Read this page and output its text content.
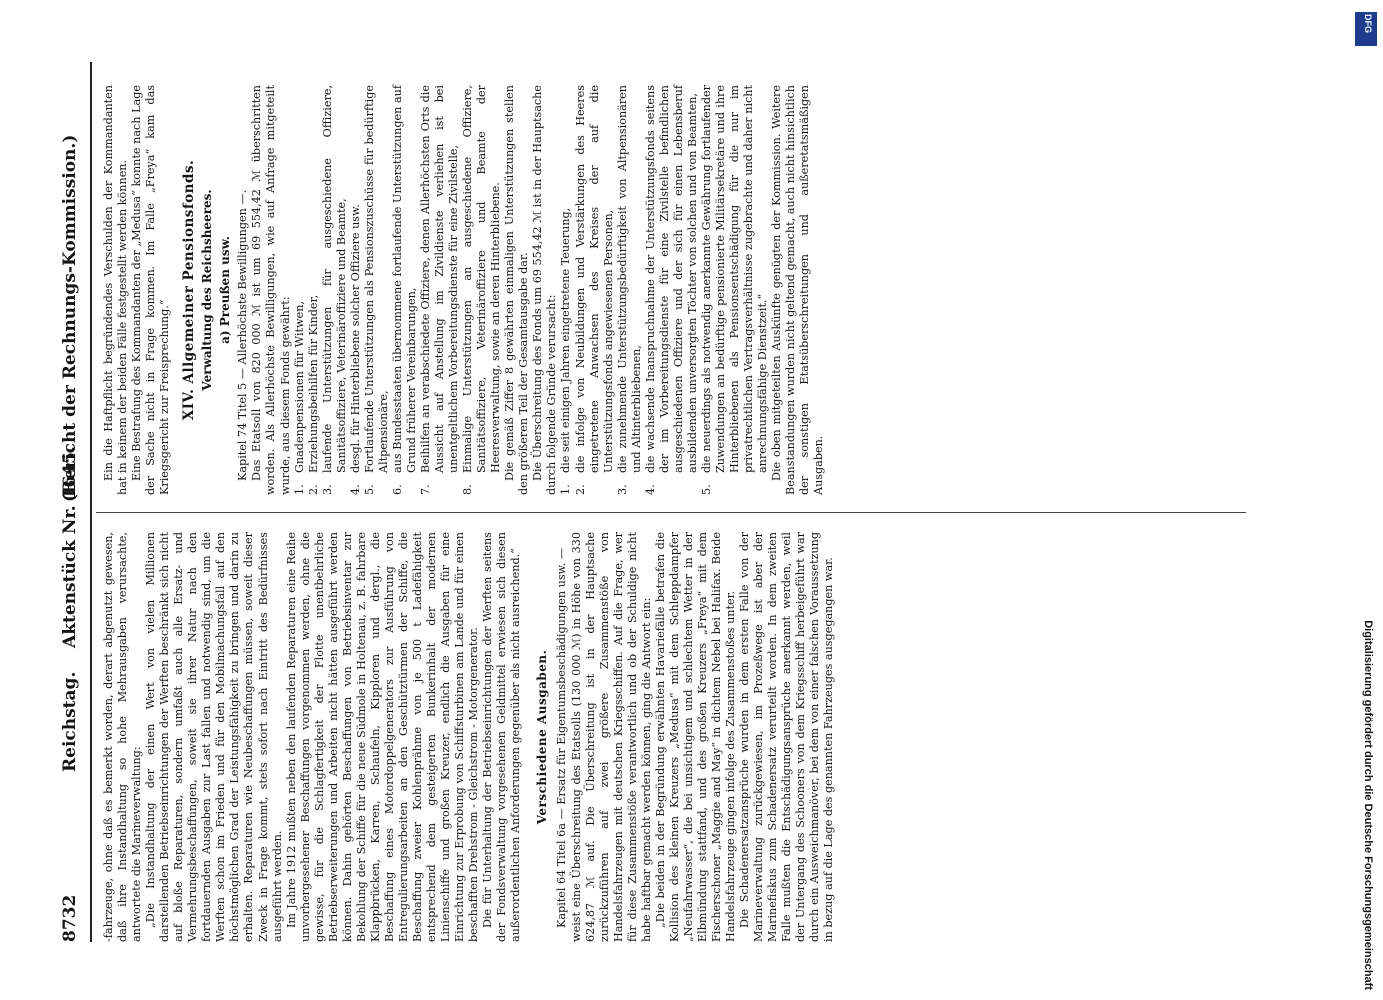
8732
Reichstag.    Aktenstück Nr. 1645.
(Bericht der Rechnungs-Kommission.)

-fahrzeuge, ohne daß es bemerkt worden, derart abgenutzt gewesen, daß ihre Instandhaltung so hohe Mehrausgaben verursachte, antwortete die Marineverwaltung: „Die Instandhaltung der einen Wert von vielen Millionen darstellenden Betriebseinrichtungen der Werften beschränkt sich nicht auf bloße Reparaturen, sondern umfaßt auch alle Ersatz- und Vermehrungsbeschaffungen, soweit sie ihrer Natur nach den fortdauernden Ausgaben zur Last fallen und notwendig sind, um die Werften schon im Frieden und für den Mobilmachungsfall auf den höchstmöglichen Grad der Leistungsfähigkeit zu bringen und darin zu erhalten. Reparaturen wie Neubeschaffungen müssen, soweit dieser Zweck in Frage kommt, stets sofort nach Eintritt des Bedürfnisses ausgeführt werden. Im Jahre 1912 mußten neben den laufenden Reparaturen eine Reihe unvorhergesehener Beschaffungen vorgenommen werden, ohne die gewisse, für die Schlagfertigkeit der Flotte unentbehrliche Betriebserweiterungen und Arbeiten nicht hätten ausgeführt werden können. Dahin gehörten Beschaffungen von Betriebsinventar zur Bekohlung der Schiffe für die neue Südmole in Holtenau, z. B. fahrbare Klappbrücken, Karren, Schaufeln, Kipploren und dergl., die Beschaffung eines Motordoppelgenerators zur Ausführung von Entregulierungsarbeiten an den Geschütztürmen der Schiffe, die Beschaffung zweier Kohlenprähme von je 500 t Ladefähigkeit entsprechend dem gesteigerten Bunkerinhalt der modernen Linienschiffe und großen Kreuzer, endlich die Ausgaben für eine Einrichtung zur Erprobung von Schiffsturbinen am Lande und für einen beschafften Drehstrom - Gleichstrom - Motorgenerator. Die für Unterhaltung der Betriebseinrichtungen der Werften seitens der Fondsverwaltung vorgesehenen Geldmittel erwiesen sich diesen außerordentlichen Anforderungen gegenüber als nicht ausreichend.“ Verschiedene Ausgaben. Kapitel 64 Titel 6a — Ersatz für Eigentumsbeschädigungen usw. — weist eine Überschreitung des Etatsolls (130 000 ℳ) in Höhe von 330 624,87 ℳ auf. Die Überschreitung ist in der Hauptsache zurückzuführen auf zwei größere Zusammenstöße von Handelsfahrzeugen mit deutschen Kriegsschiffen. Auf die Frage, wer für diese Zusammenstöße verantwortlich und ob der Schuldige nicht habe haftbar gemacht werden können, ging die Antwort ein: „Die beiden in der Begründung erwähnten Havariefälle betrafen die Kollision des kleinen Kreuzers „Medusa“ mit dem Schleppdampfer „Neufahrwasser“, die bei unsichtigem und schlechtem Wetter in der Elbmündung stattfand, und des großen Kreuzers „Freya“ mit dem Fischerschoner „Maggie and May“ in dichtem Nebel bei Halifax. Beide Handelsfahrzeuge gingen infolge des Zusammenstoßes unter. Die Schadenersatzansprüche wurden in dem ersten Falle von der Marineverwaltung zurückgewiesen, im Prozeßwege ist aber der Marinefiskus zum Schadenersatz verurteilt worden. In dem zweiten Falle mußten die Entschädigungsansprüche anerkannt werden, weil der Untergang des Schooners von dem Kriegsschiff herbeigeführt war durch ein Ausweichmanöver, bei dem von einer falschen Voraussetzung in bezug auf die Lage des genannten Fahrzeuges ausgegangen war.

Ein die Haftpflicht begründendes Verschulden der Kommandanten hat in keinem der beiden Fälle festgestellt werden können. Eine Bestrafung des Kommandanten der „Medusa“ konnte nach Lage der Sache nicht in Frage kommen. Im Falle „Freya“ kam das Kriegsgericht zur Freisprechung.“ XIV. Allgemeiner Pensionsfonds. Verwaltung des Reichsheeres. a) Preußen usw. Kapitel 74 Titel 5 — Allerhöchste Bewilligungen —. Das Etatsoll von 820 000 ℳ ist um 69 554,42 ℳ überschritten worden. Als Allerhöchste Bewilligungen, wie auf Anfrage mitgeteilt wurde, aus diesem Fonds gewährt: 1.Gnadenpensionen für Witwen,
2.Erziehungsbeihilfen für Kinder,
3.laufende Unterstützungen für ausgeschiedene Offiziere, Sanitätsoffiziere, Veterinäroffiziere und Beamte,
4.desgl. für Hinterbliebene solcher Offiziere usw.
5.Fortlaufende Unterstützungen als Pensionszuschüsse für bedürftige Altpensionäre,
6.aus Bundesstaaten übernommene fortlaufende Unterstützungen auf Grund früherer Vereinbarungen,
7.Beihilfen an verabschiedete Offiziere, denen Allerhöchsten Orts die Aussicht auf Anstellung im Zivildienste verliehen ist bei unentgeltlichem Vorbereitungsdienste für eine Zivilstelle,
8.Einmalige Unterstützungen an ausgeschiedene Offiziere, Sanitätsoffiziere, Veterinäroffiziere und Beamte der Heeresverwaltung, sowie an deren Hinterbliebene. Die gemäß Ziffer 8 gewährten einmaligen Unterstützungen stellen den größeren Teil der Gesamtausgabe dar. Die Überschreitung des Fonds um 69 554,42 ℳ ist in der Hauptsache durch folgende Gründe verursacht: 1.die seit einigen Jahren eingetretene Teuerung,
2.die infolge von Neubildungen und Verstärkungen des Heeres eingetretene Anwachsen des Kreises der auf die Unterstützungsfonds angewiesenen Personen,
3.die zunehmende Unterstützungsbedürftigkeit von Altpensionären und Altinterbliebenen,
4.die wachsende Inanspruchnahme der Unterstützungsfonds seitens der im Vorbereitungsdienste für eine Zivilstelle befindlichen ausgeschiedenen Offiziere und der sich für einen Lebensberuf ausbildenden unversorgten Töchter von solchen und von Beamten,
5.die neuerdings als notwendig anerkannte Gewährung fortlaufender Zuwendungen an bedürftige pensionierte Militärsekretäre und ihre Hinterbliebenen als Pensionsentschädigung für die nur im privatrechtlichen Vertragsverhältnisse zugebrachte und daher nicht anrechnungsfähige Dienstzeit.“ Die oben mitgeteilten Auskünfte genügten der Kommission. Weitere Beanstandungen wurden nicht geltend gemacht, auch nicht hinsichtlich der sonstigen Etatsüberschreitungen und außeretatsmäßigen Ausgaben.

Digitalisierung gefördert durch die Deutsche Forschungsgemeinschaft
DFG
